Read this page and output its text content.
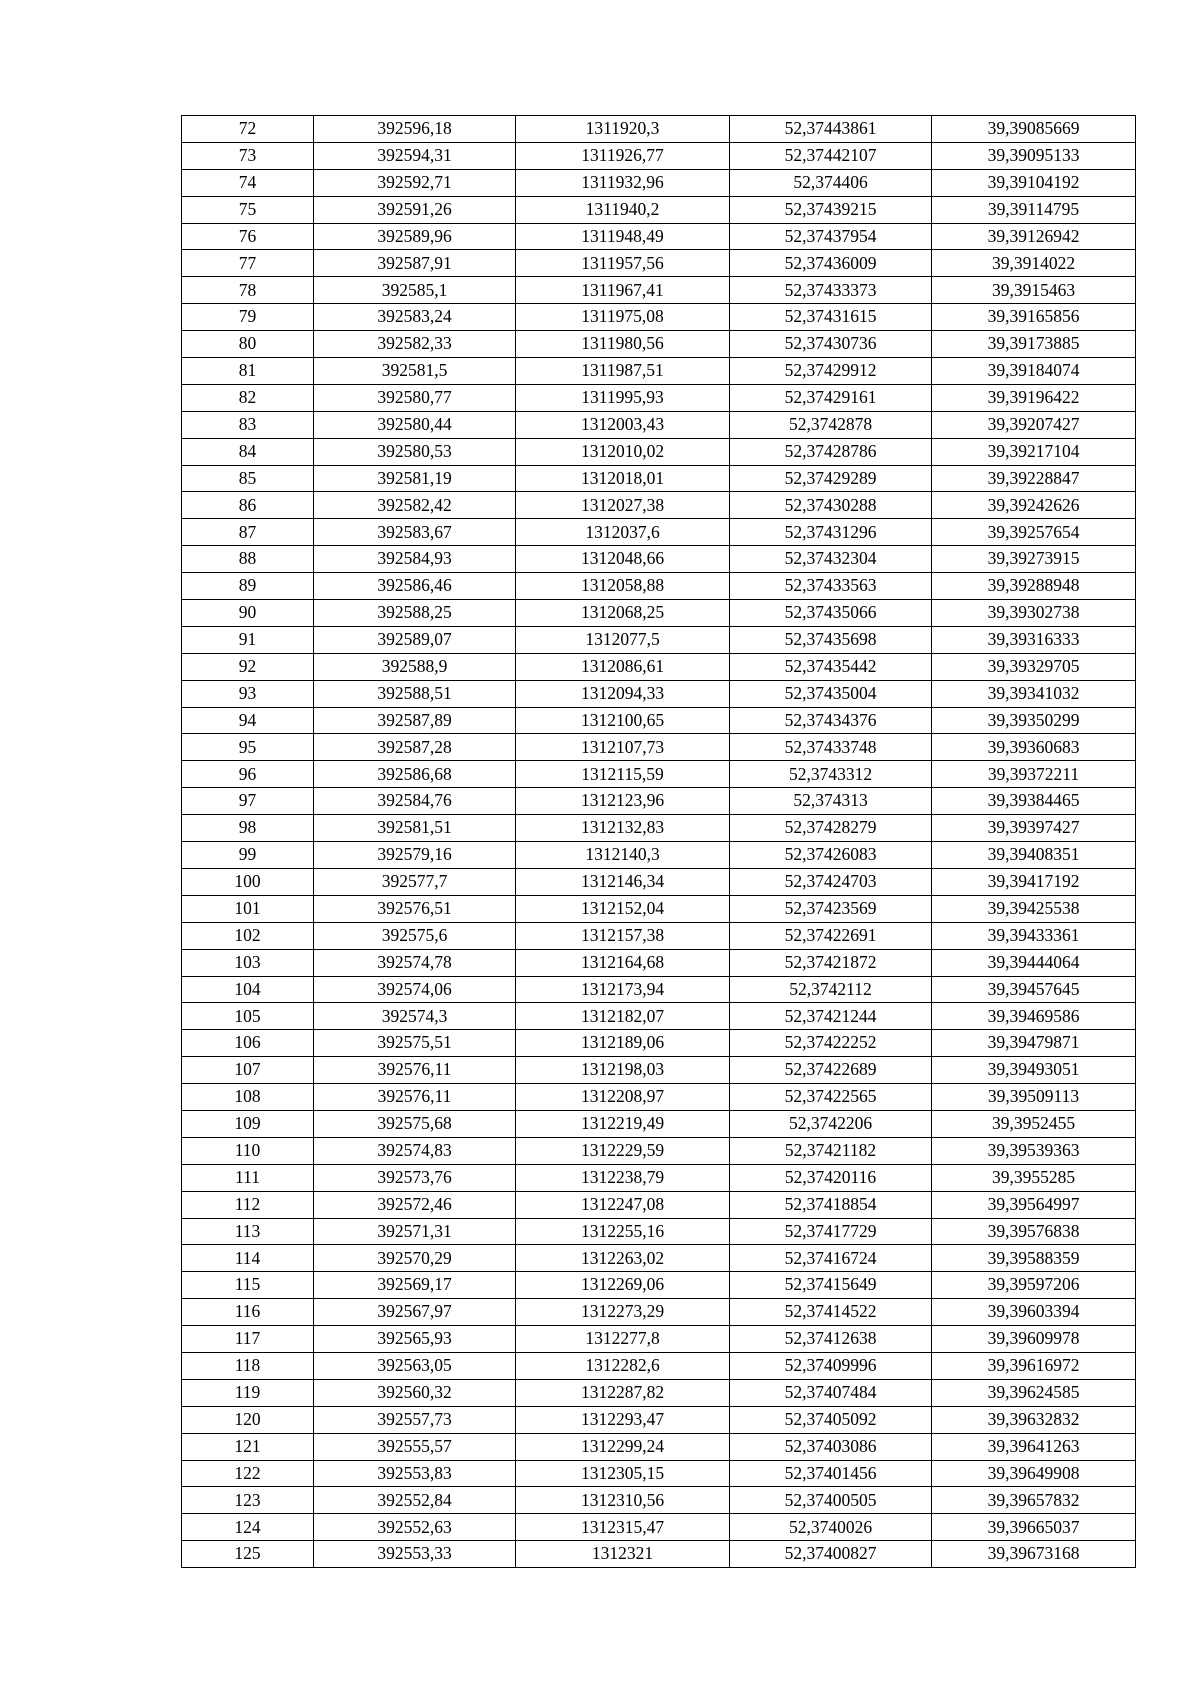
72	392596,18	1311920,3	52,37443861	39,39085669
73	392594,31	1311926,77	52,37442107	39,39095133
74	392592,71	1311932,96	52,374406	39,39104192
75	392591,26	1311940,2	52,37439215	39,39114795
76	392589,96	1311948,49	52,37437954	39,39126942
77	392587,91	1311957,56	52,37436009	39,3914022
78	392585,1	1311967,41	52,37433373	39,3915463
79	392583,24	1311975,08	52,37431615	39,39165856
80	392582,33	1311980,56	52,37430736	39,39173885
81	392581,5	1311987,51	52,37429912	39,39184074
82	392580,77	1311995,93	52,37429161	39,39196422
83	392580,44	1312003,43	52,3742878	39,39207427
84	392580,53	1312010,02	52,37428786	39,39217104
85	392581,19	1312018,01	52,37429289	39,39228847
86	392582,42	1312027,38	52,37430288	39,39242626
87	392583,67	1312037,6	52,37431296	39,39257654
88	392584,93	1312048,66	52,37432304	39,39273915
89	392586,46	1312058,88	52,37433563	39,39288948
90	392588,25	1312068,25	52,37435066	39,39302738
91	392589,07	1312077,5	52,37435698	39,39316333
92	392588,9	1312086,61	52,37435442	39,39329705
93	392588,51	1312094,33	52,37435004	39,39341032
94	392587,89	1312100,65	52,37434376	39,39350299
95	392587,28	1312107,73	52,37433748	39,39360683
96	392586,68	1312115,59	52,3743312	39,39372211
97	392584,76	1312123,96	52,374313	39,39384465
98	392581,51	1312132,83	52,37428279	39,39397427
99	392579,16	1312140,3	52,37426083	39,39408351
100	392577,7	1312146,34	52,37424703	39,39417192
101	392576,51	1312152,04	52,37423569	39,39425538
102	392575,6	1312157,38	52,37422691	39,39433361
103	392574,78	1312164,68	52,37421872	39,39444064
104	392574,06	1312173,94	52,3742112	39,39457645
105	392574,3	1312182,07	52,37421244	39,39469586
106	392575,51	1312189,06	52,37422252	39,39479871
107	392576,11	1312198,03	52,37422689	39,39493051
108	392576,11	1312208,97	52,37422565	39,39509113
109	392575,68	1312219,49	52,3742206	39,3952455
110	392574,83	1312229,59	52,37421182	39,39539363
111	392573,76	1312238,79	52,37420116	39,3955285
112	392572,46	1312247,08	52,37418854	39,39564997
113	392571,31	1312255,16	52,37417729	39,39576838
114	392570,29	1312263,02	52,37416724	39,39588359
115	392569,17	1312269,06	52,37415649	39,39597206
116	392567,97	1312273,29	52,37414522	39,39603394
117	392565,93	1312277,8	52,37412638	39,39609978
118	392563,05	1312282,6	52,37409996	39,39616972
119	392560,32	1312287,82	52,37407484	39,39624585
120	392557,73	1312293,47	52,37405092	39,39632832
121	392555,57	1312299,24	52,37403086	39,39641263
122	392553,83	1312305,15	52,37401456	39,39649908
123	392552,84	1312310,56	52,37400505	39,39657832
124	392552,63	1312315,47	52,3740026	39,39665037
125	392553,33	1312321	52,37400827	39,39673168
